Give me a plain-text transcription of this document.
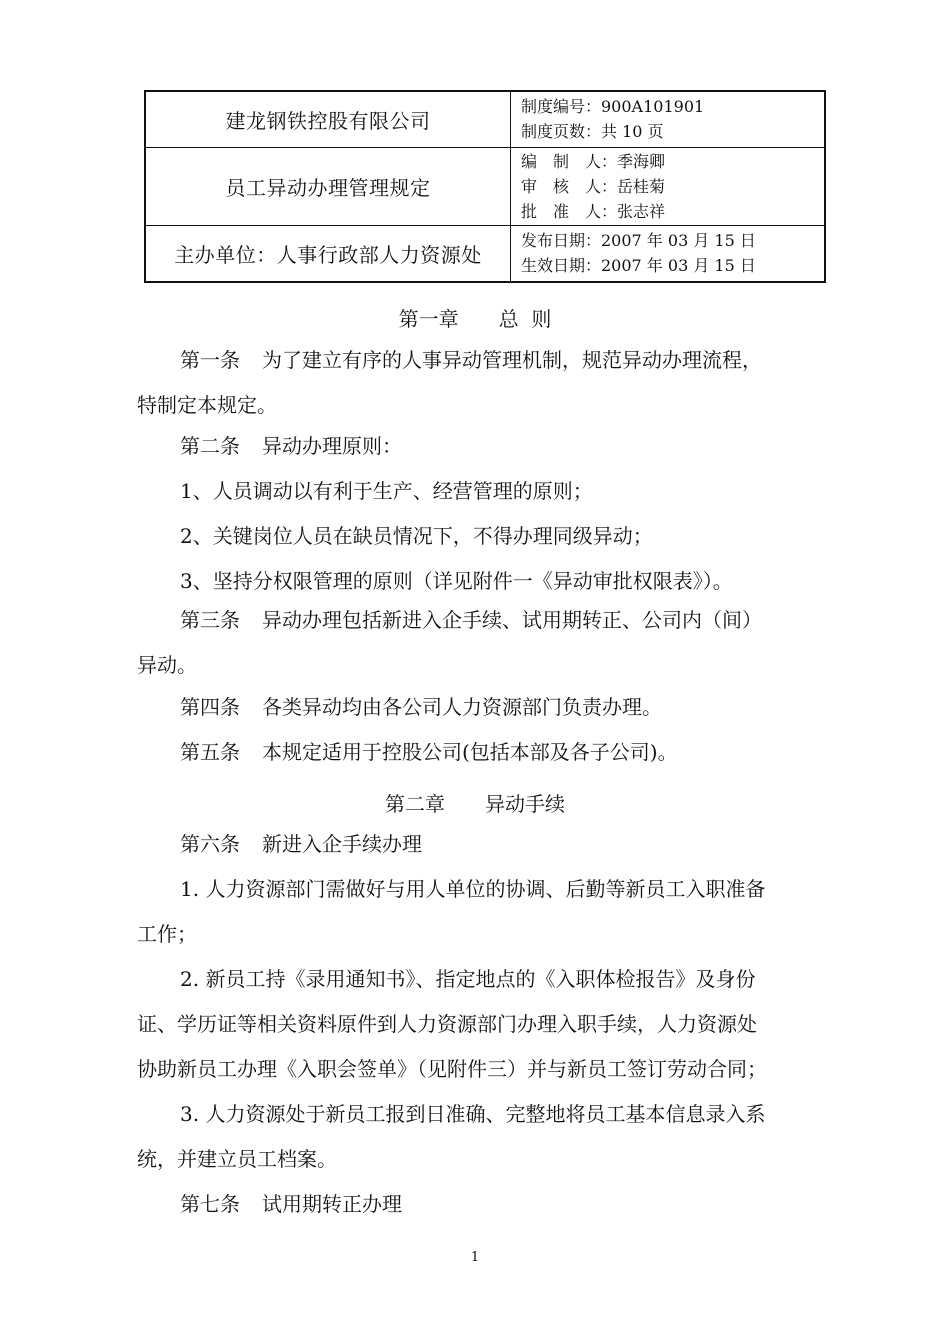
建龙钢铁控股有限公司	制度编号：900A101901
制度页数：共 10 页

员工异动办理管理规定	编　制　人：季海卿
审　核　人：岳桂菊
批　准　人：张志祥

主办单位：人事行政部人力资源处	发布日期：2007 年 03 月 15 日
生效日期：2007 年 03 月 15 日
第一章　　总  则
第一条 为了建立有序的人事异动管理机制，规范异动办理流程，
特制定本规定。
第二条 异动办理原则：
1、人员调动以有利于生产、经营管理的原则；
2、关键岗位人员在缺员情况下，不得办理同级异动；
3、坚持分权限管理的原则（详见附件一《异动审批权限表》）。
第三条 异动办理包括新进入企手续、试用期转正、公司内（间）
异动。
第四条 各类异动均由各公司人力资源部门负责办理。
第五条 本规定适用于控股公司(包括本部及各子公司)。
第二章　　异动手续
第六条 新进入企手续办理
1. 人力资源部门需做好与用人单位的协调、后勤等新员工入职准备
工作；
2. 新员工持《录用通知书》、指定地点的《入职体检报告》及身份
证、学历证等相关资料原件到人力资源部门办理入职手续，人力资源处
协助新员工办理《入职会签单》（见附件三）并与新员工签订劳动合同；
3. 人力资源处于新员工报到日准确、完整地将员工基本信息录入系
统，并建立员工档案。
第七条 试用期转正办理
1
